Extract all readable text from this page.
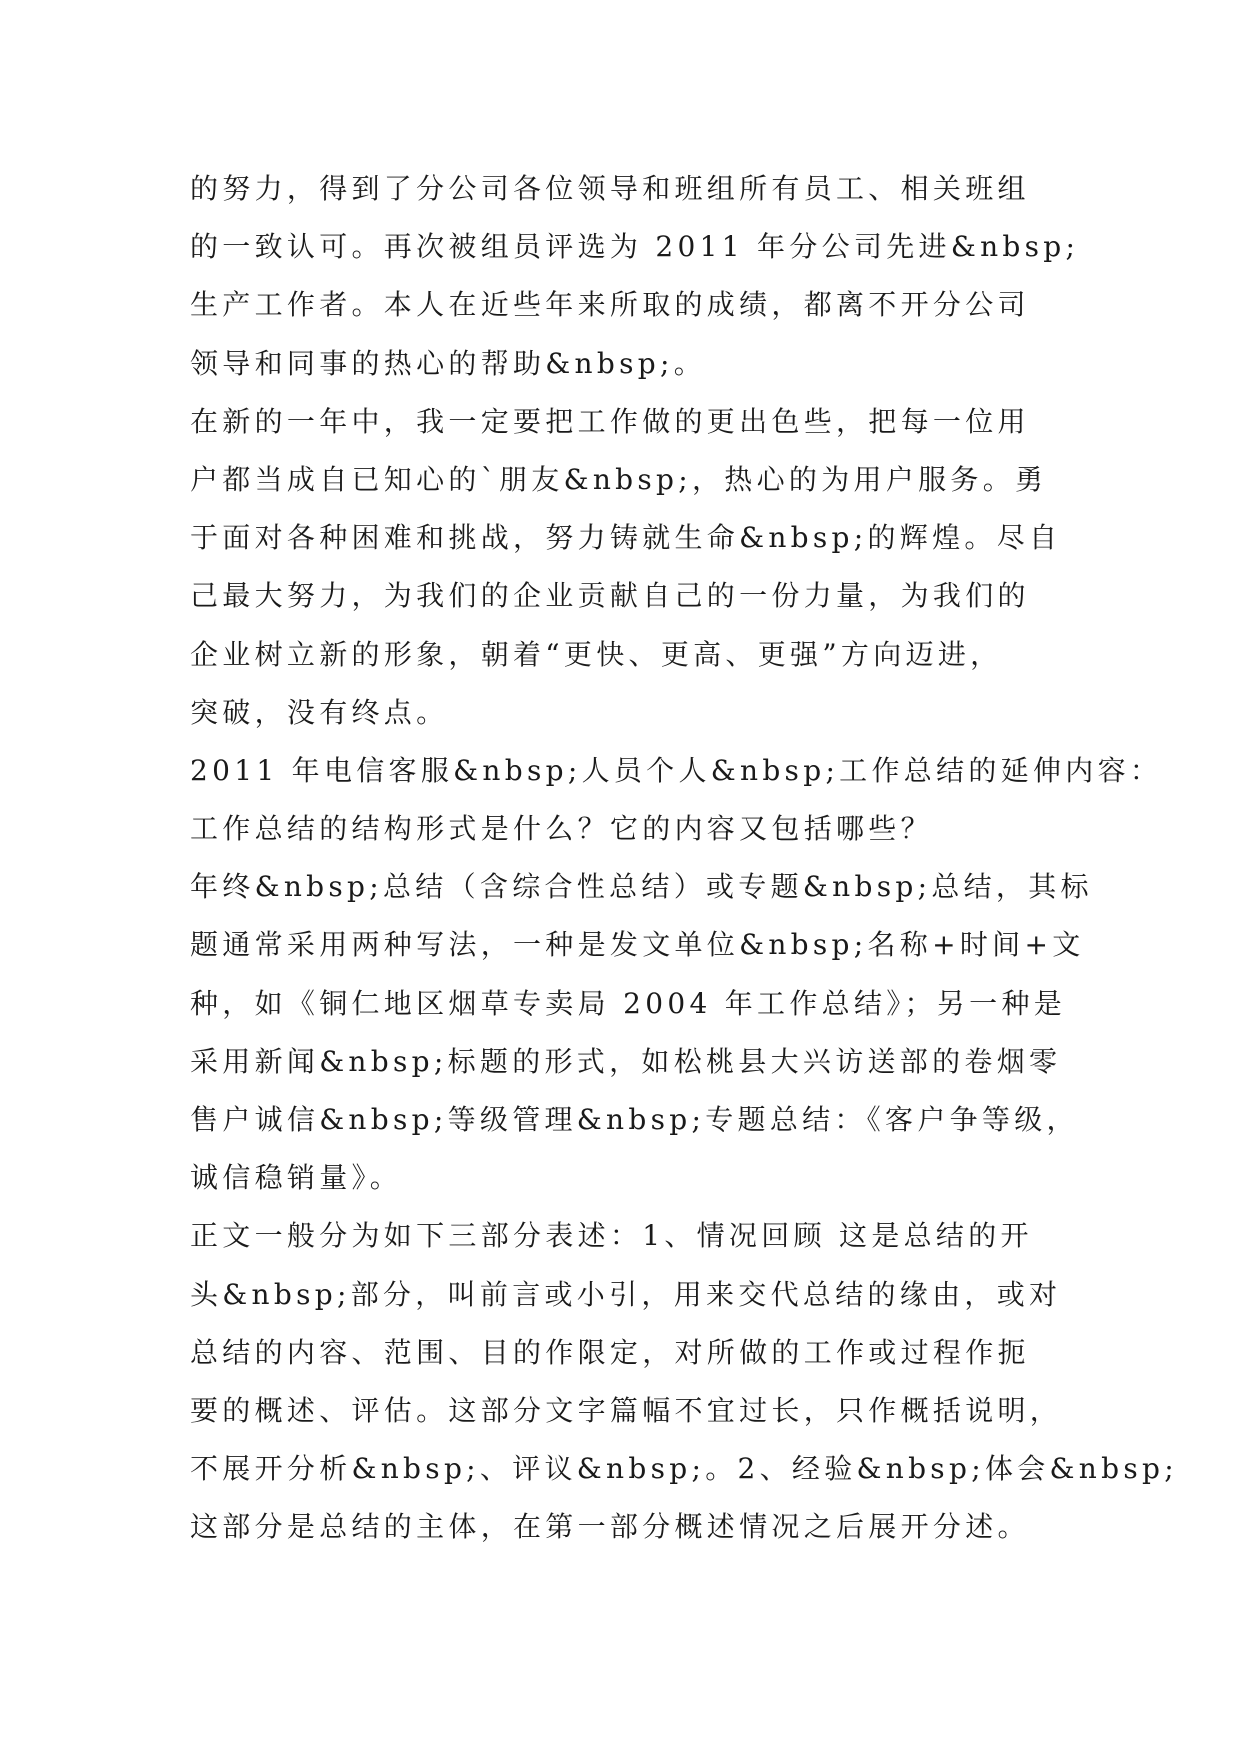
的努力，得到了分公司各位领导和班组所有员工、相关班组
的一致认可。再次被组员评选为 2011 年分公司先进&nbsp;
生产工作者。本人在近些年来所取的成绩，都离不开分公司
领导和同事的热心的帮助&nbsp;。
在新的一年中，我一定要把工作做的更出色些，把每一位用
户都当成自已知心的`朋友&nbsp;，热心的为用户服务。勇
于面对各种困难和挑战，努力铸就生命&nbsp;的辉煌。尽自
己最大努力，为我们的企业贡献自己的一份力量，为我们的
企业树立新的形象，朝着“更快、更高、更强”方向迈进，
突破，没有终点。
2011 年电信客服&nbsp;人员个人&nbsp;工作总结的延伸内容：
工作总结的结构形式是什么？它的内容又包括哪些？
年终&nbsp;总结（含综合性总结）或专题&nbsp;总结，其标
题通常采用两种写法，一种是发文单位&nbsp;名称+时间+文
种，如《铜仁地区烟草专卖局 2004 年工作总结》；另一种是
采用新闻&nbsp;标题的形式，如松桃县大兴访送部的卷烟零
售户诚信&nbsp;等级管理&nbsp;专题总结：《客户争等级，
诚信稳销量》。
正文一般分为如下三部分表述：1、情况回顾 这是总结的开
头&nbsp;部分，叫前言或小引，用来交代总结的缘由，或对
总结的内容、范围、目的作限定，对所做的工作或过程作扼
要的概述、评估。这部分文字篇幅不宜过长，只作概括说明，
不展开分析&nbsp;、评议&nbsp;。2、经验&nbsp;体会&nbsp;
这部分是总结的主体，在第一部分概述情况之后展开分述。
